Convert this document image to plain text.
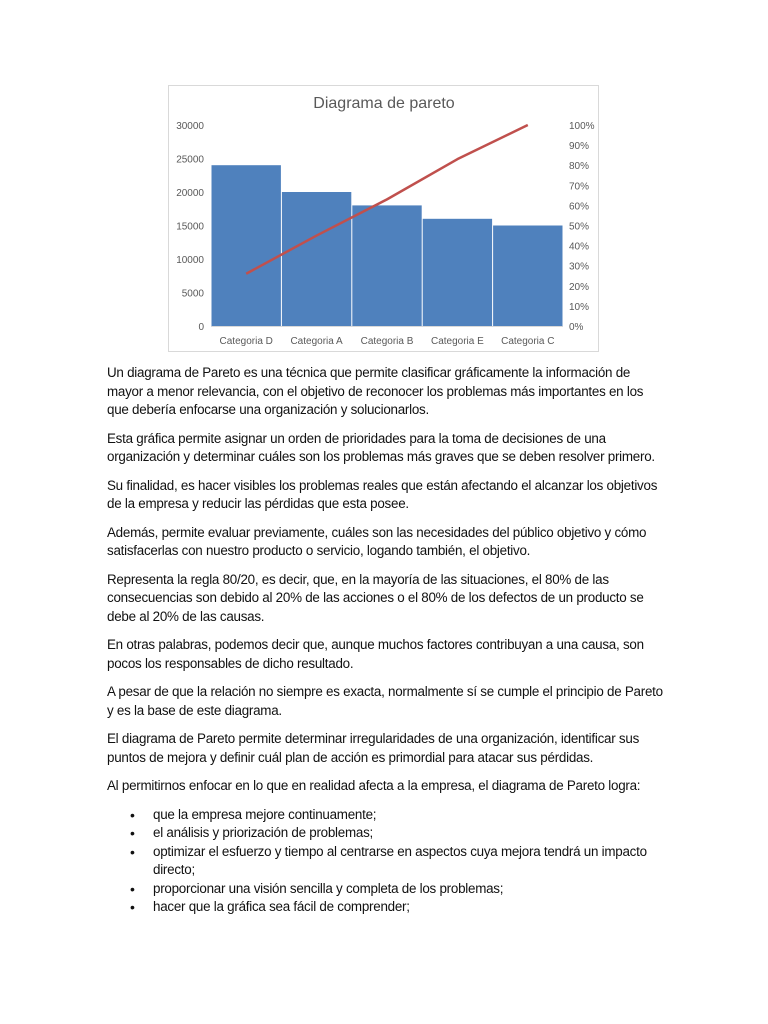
Diagrama de pareto
0
5000
10000
15000
20000
25000
30000
0%
10%
20%
30%
40%
50%
60%
70%
80%
90%
100%
Categoria D Categoria A Categoria B Categoria E Categoria C

Un diagrama de Pareto es una técnica que permite clasificar gráficamente la información de mayor a menor relevancia, con el objetivo de reconocer los problemas más importantes en los que debería enfocarse una organización y solucionarlos.

Esta gráfica permite asignar un orden de prioridades para la toma de decisiones de una organización y determinar cuáles son los problemas más graves que se deben resolver primero.

Su finalidad, es hacer visibles los problemas reales que están afectando el alcanzar los objetivos de la empresa y reducir las pérdidas que esta posee.

Además, permite evaluar previamente, cuáles son las necesidades del público objetivo y cómo satisfacerlas con nuestro producto o servicio, logando también, el objetivo.

Representa la regla 80/20, es decir, que, en la mayoría de las situaciones, el 80% de las consecuencias son debido al 20% de las acciones o el 80% de los defectos de un producto se debe al 20% de las causas.

En otras palabras, podemos decir que, aunque muchos factores contribuyan a una causa, son pocos los responsables de dicho resultado.

A pesar de que la relación no siempre es exacta, normalmente sí se cumple el principio de Pareto y es la base de este diagrama.

El diagrama de Pareto permite determinar irregularidades de una organización, identificar sus puntos de mejora y definir cuál plan de acción es primordial para atacar sus pérdidas.

Al permitirnos enfocar en lo que en realidad afecta a la empresa, el diagrama de Pareto logra:

• que la empresa mejore continuamente;
• el análisis y priorización de problemas;
• optimizar el esfuerzo y tiempo al centrarse en aspectos cuya mejora tendrá un impacto directo;
• proporcionar una visión sencilla y completa de los problemas;
• hacer que la gráfica sea fácil de comprender;
